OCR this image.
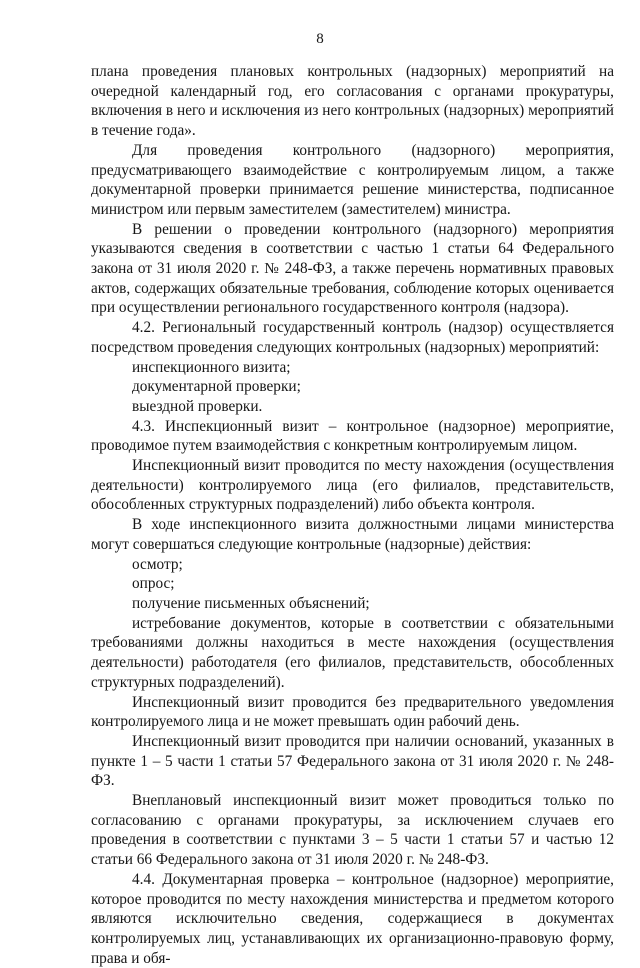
8

плана проведения плановых контрольных (надзорных) мероприятий на очередной календарный год, его согласования с органами прокуратуры, включения в него и исключения из него контрольных (надзорных) мероприятий в течение года».

Для проведения контрольного (надзорного) мероприятия, предусматривающего взаимодействие с контролируемым лицом, а также документарной проверки принимается решение министерства, подписанное министром или первым заместителем (заместителем) министра.

В решении о проведении контрольного (надзорного) мероприятия указываются сведения в соответствии с частью 1 статьи 64 Федерального закона от 31 июля 2020 г. № 248-ФЗ, а также перечень нормативных правовых актов, содержащих обязательные требования, соблюдение которых оценивается при осуществлении регионального государственного контроля (надзора).

4.2. Региональный государственный контроль (надзор) осуществляется посредством проведения следующих контрольных (надзорных) мероприятий:

инспекционного визита;

документарной проверки;

выездной проверки.

4.3. Инспекционный визит – контрольное (надзорное) мероприятие, проводимое путем взаимодействия с конкретным контролируемым лицом.

Инспекционный визит проводится по месту нахождения (осуществления деятельности) контролируемого лица (его филиалов, представительств, обособленных структурных подразделений) либо объекта контроля.

В ходе инспекционного визита должностными лицами министерства могут совершаться следующие контрольные (надзорные) действия:

осмотр;

опрос;

получение письменных объяснений;

истребование документов, которые в соответствии с обязательными требованиями должны находиться в месте нахождения (осуществления деятельности) работодателя (его филиалов, представительств, обособленных структурных подразделений).

Инспекционный визит проводится без предварительного уведомления контролируемого лица и не может превышать один рабочий день.

Инспекционный визит проводится при наличии оснований, указанных в пункте 1 – 5 части 1 статьи 57 Федерального закона от 31 июля 2020 г. № 248-ФЗ.

Внеплановый инспекционный визит может проводиться только по согласованию с органами прокуратуры, за исключением случаев его проведения в соответствии с пунктами 3 – 5 части 1 статьи 57 и частью 12 статьи 66 Федерального закона от 31 июля 2020 г. № 248-ФЗ.

4.4. Документарная проверка – контрольное (надзорное) мероприятие, которое проводится по месту нахождения министерства и предметом которого являются исключительно сведения, содержащиеся в документах контролируемых лиц, устанавливающих их организационно-правовую форму, права и обя-
